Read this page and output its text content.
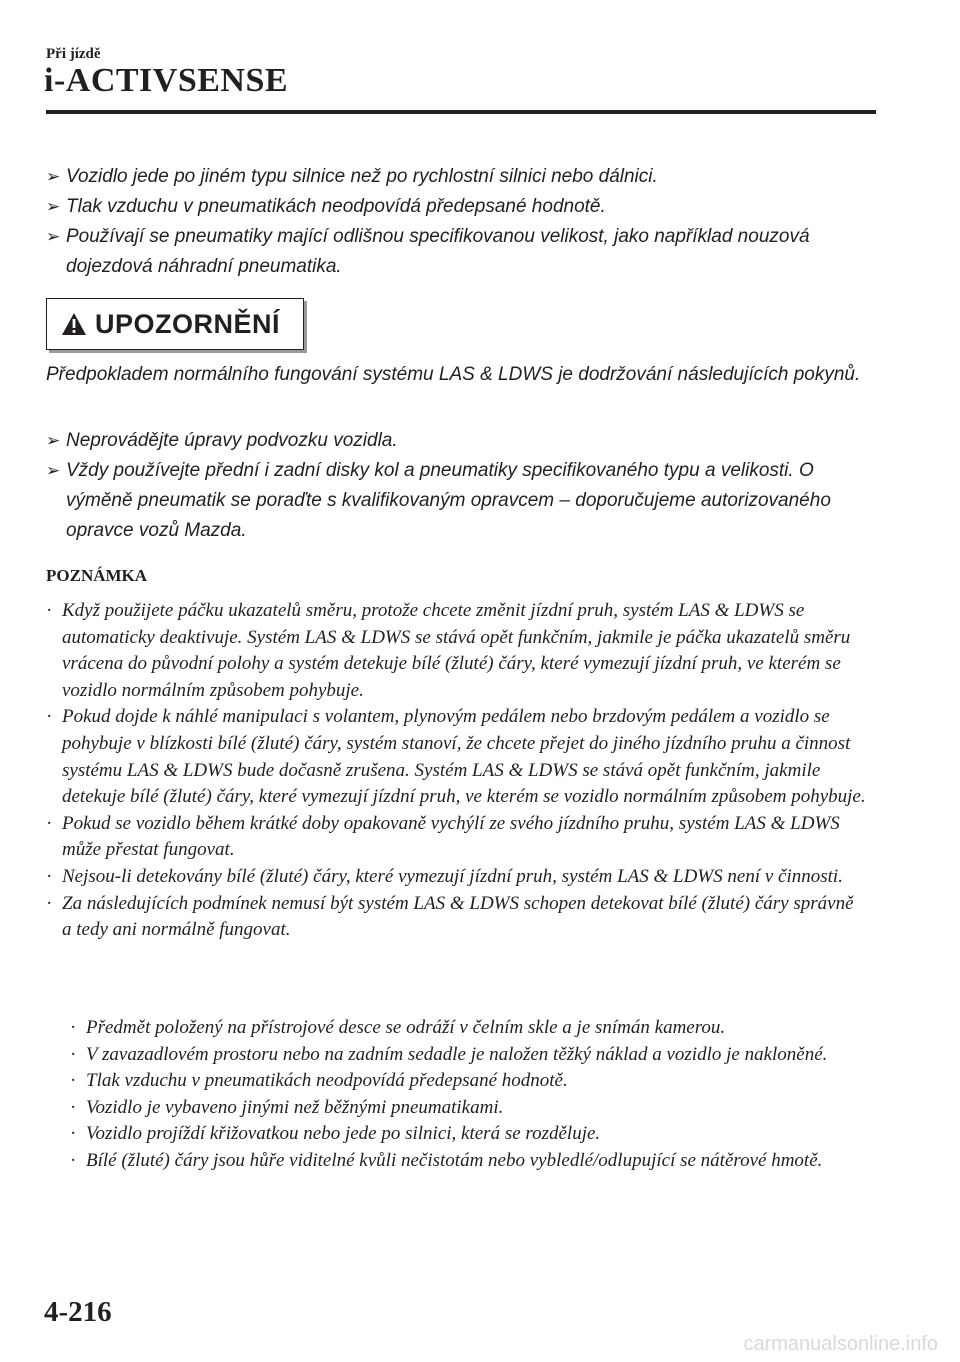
Při jízdě
i-ACTIVSENSE
➢ Vozidlo jede po jiném typu silnice než po rychlostní silnici nebo dálnici.
➢ Tlak vzduchu v pneumatikách neodpovídá předepsané hodnotě.
➢ Používají se pneumatiky mající odlišnou specifikovanou velikost, jako například nouzová dojezdová náhradní pneumatika.
UPOZORNĚNÍ

Předpokladem normálního fungování systému LAS & LDWS je dodržování následujících pokynů.

➢ Neprovádějte úpravy podvozku vozidla.
➢ Vždy používejte přední i zadní disky kol a pneumatiky specifikovaného typu a velikosti. O výměně pneumatik se poraďte s kvalifikovaným opravcem – doporučujeme autorizovaného opravce vozů Mazda.
POZNÁMKA
· Když použijete páčku ukazatelů směru, protože chcete změnit jízdní pruh, systém LAS & LDWS se automaticky deaktivuje. Systém LAS & LDWS se stává opět funkčním, jakmile je páčka ukazatelů směru vrácena do původní polohy a systém detekuje bílé (žluté) čáry, které vymezují jízdní pruh, ve kterém se vozidlo normálním způsobem pohybuje.
· Pokud dojde k náhlé manipulaci s volantem, plynovým pedálem nebo brzdovým pedálem a vozidlo se pohybuje v blízkosti bílé (žluté) čáry, systém stanoví, že chcete přejet do jiného jízdního pruhu a činnost systému LAS & LDWS bude dočasně zrušena. Systém LAS & LDWS se stává opět funkčním, jakmile detekuje bílé (žluté) čáry, které vymezují jízdní pruh, ve kterém se vozidlo normálním způsobem pohybuje.
· Pokud se vozidlo během krátké doby opakovaně vychýlí ze svého jízdního pruhu, systém LAS & LDWS může přestat fungovat.
· Nejsou-li detekovány bílé (žluté) čáry, které vymezují jízdní pruh, systém LAS & LDWS není v činnosti.
· Za následujících podmínek nemusí být systém LAS & LDWS schopen detekovat bílé (žluté) čáry správně a tedy ani normálně fungovat.
· Předmět položený na přístrojové desce se odráží v čelním skle a je snímán kamerou.
· V zavazadlovém prostoru nebo na zadním sedadle je naložen těžký náklad a vozidlo je nakloněné.
· Tlak vzduchu v pneumatikách neodpovídá předepsané hodnotě.
· Vozidlo je vybaveno jinými než běžnými pneumatikami.
· Vozidlo projíždí křižovatkou nebo jede po silnici, která se rozděluje.
· Bílé (žluté) čáry jsou hůře viditelné kvůli nečistotám nebo vybledlé/odlupující se nátěrové hmotě.
4-216
carmanualsonline.info
